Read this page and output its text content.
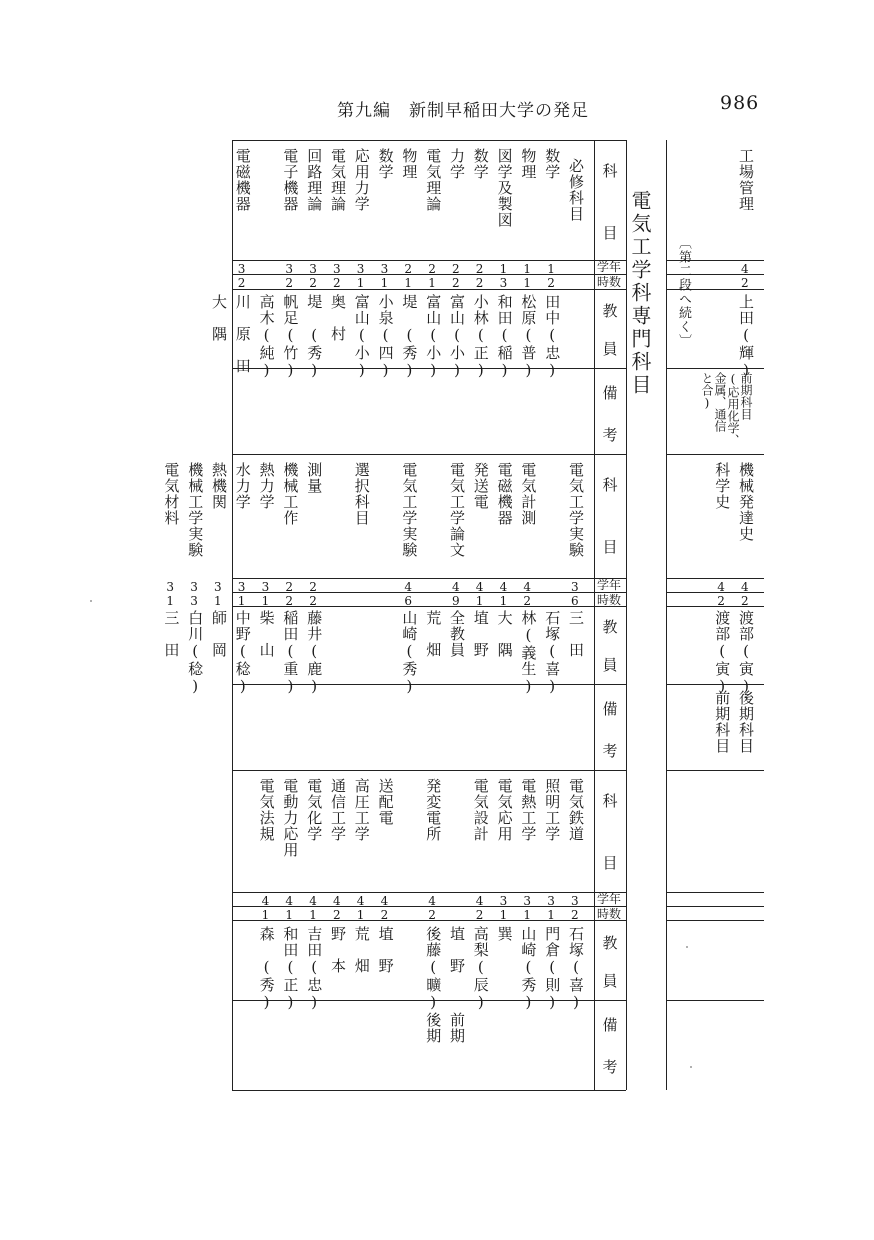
第九編　新制早稲田大学の発足	986
電気工学科専門科目 〔第二段へ続く〕
科
目
学年
時数
教
員
備
考
科
目
学年
時数
教
員
備
考
科
目
学年
時数
教
員
備
考
必修科目
数学
1
2
物理
1
1
図学及製図
1
3
数学
2
2
力学
2
2
電気理論
2
1
物理
2
1
数学
3
1
応用力学
3
1
電気理論
3
2
回路理論
3
2
電子機器
3
2
電磁機器
3
2
田中(忠)
松原(普)
和田(稲)
小林(正)
富山(小)
富山(小)
堤　(秀)
小泉(四)
富山(小)
奥　村
堤　(秀)
帆足(竹)
高木(純)
川　原　田
大　隅
電気工学実験
3
6
電気計測
4
2
電磁機器
4
1
発送電
4
1
電気工学論文
4
9
電気工学実験
4
6
選択科目
測量
2
2
機械工作
2
2
熱力学
3
1
水力学
3
1
熱機関
3
1
機械工学実験
3
3
電気材料
3
1
三　田
石塚(喜)
林(義生)
大　隅
埴　野
全教員
荒　畑
山崎(秀)
藤井(鹿)
稲田(重)
柴　山
中野(稔)
師　岡
白川(稔)
三　田
電気鉄道
3
2
照明工学
3
1
電熱工学
3
1
電気応用
3
1
電気設計
4
2
発変電所
4
2
送配電
4
2
高圧工学
4
1
通信工学
4
2
電気化学
4
1
電動力応用
4
1
電気法規
4
1
石塚(喜)
門倉(則)
山崎(秀)
巽
高梨(辰)
埴　野
後藤(曠)
埴　野
荒　畑
野　本
吉田(忠)
和田(正)
森　(秀)
前期
後期
工場管理
4
2
上田(輝)
機械発達史
科学史
4
4
2
2
渡部(寅)
渡部(寅)
前期科目
(応用化学、
金属、通信
と合)
後期科目
前期科目
